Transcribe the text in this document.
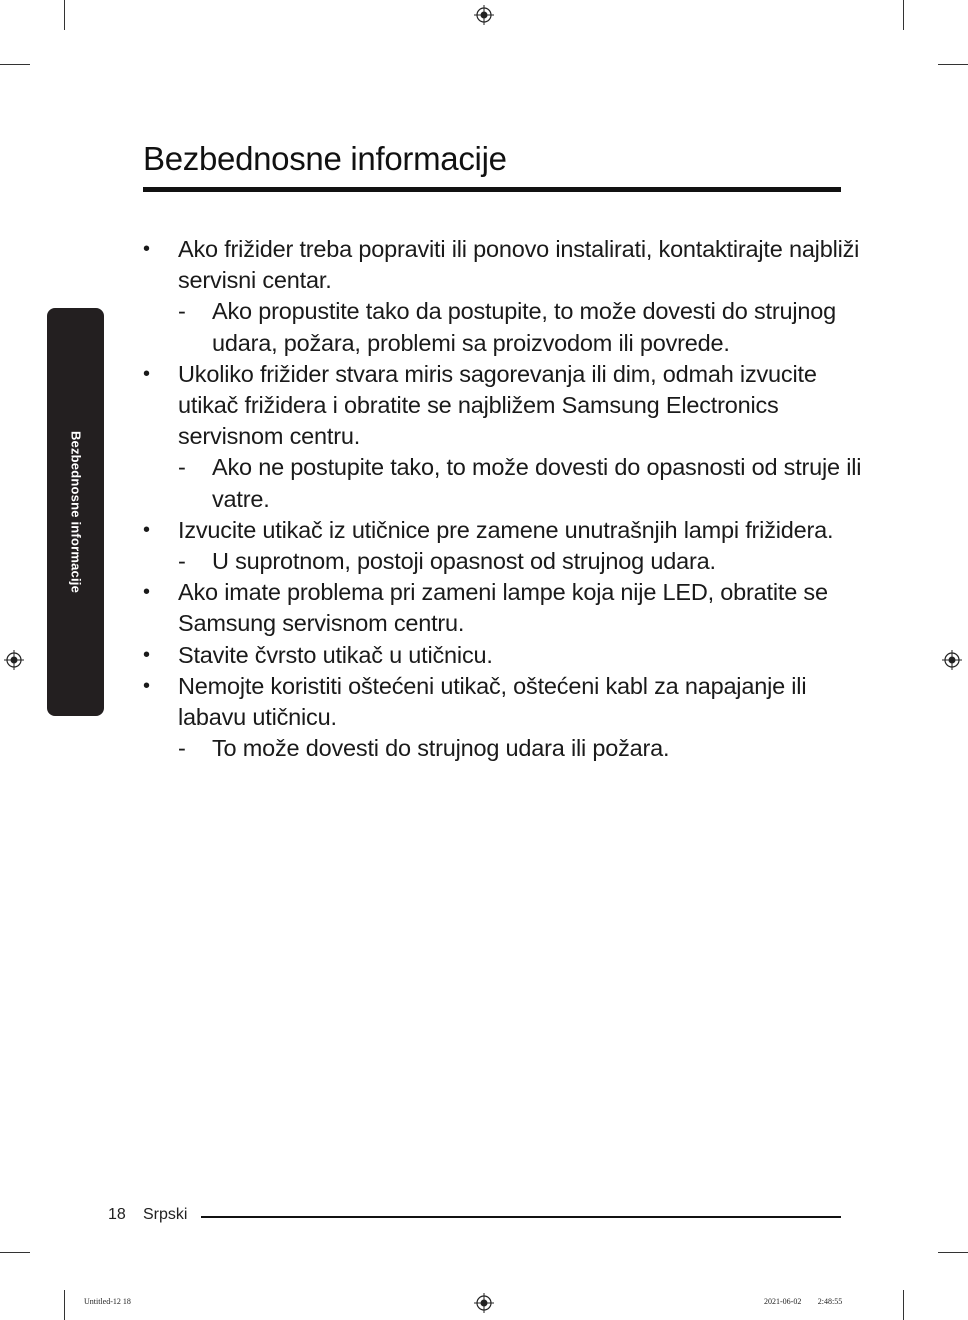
Bezbednosne informacije
Bezbednosne informacije
• Ako frižider treba popraviti ili ponovo instalirati, kontaktirajte najbliži servisni centar.
- Ako propustite tako da postupite, to može dovesti do strujnog udara, požara, problemi sa proizvodom ili povrede.
• Ukoliko frižider stvara miris sagorevanja ili dim, odmah izvucite utikač frižidera i obratite se najbližem Samsung Electronics servisnom centru.
- Ako ne postupite tako, to može dovesti do opasnosti od struje ili vatre.
• Izvucite utikač iz utičnice pre zamene unutrašnjih lampi frižidera.
- U suprotnom, postoji opasnost od strujnog udara.
• Ako imate problema pri zameni lampe koja nije LED, obratite se Samsung servisnom centru.
• Stavite čvrsto utikač u utičnicu.
• Nemojte koristiti oštećeni utikač, oštećeni kabl za napajanje ili labavu utičnicu.
- To može dovesti do strujnog udara ili požara.
18 Srpski
Untitled-12 18	2021-06-02 ￿￿ 2:48:55
